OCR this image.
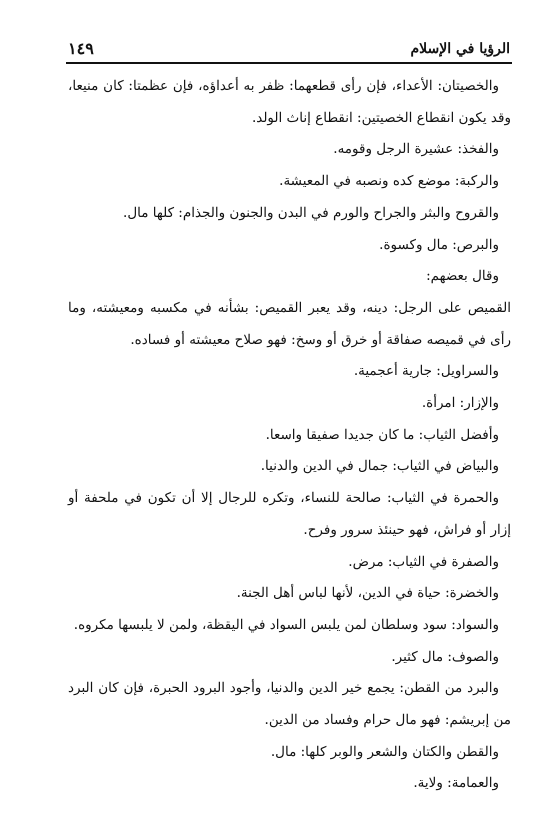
الرؤيا في الإسلام
١٤٩

والخصيتان: الأعداء، فإن رأى قطعهما: ظفر به أعداؤه، فإن عظمتا: كان منيعا، وقد يكون انقطاع الخصيتين: انقطاع إناث الولد.

والفخذ: عشيرة الرجل وقومه.

والركبة: موضع كده ونصبه في المعيشة.

والقروح والبثر والجراح والورم في البدن والجنون والجذام: كلها مال.

والبرص: مال وكسوة.

وقال بعضهم:

القميص على الرجل: دينه، وقد يعبر القميص: بشأنه في مكسبه ومعيشته، وما رأى في قميصه صفاقة أو خرق أو وسخ: فهو صلاح معيشته أو فساده.

والسراويل: جارية أعجمية.

والإزار: امرأة.

وأفضل الثياب: ما كان جديدا صفيقا واسعا.

والبياض في الثياب: جمال في الدين والدنيا.

والحمرة في الثياب: صالحة للنساء، وتكره للرجال إلا أن تكون في ملحفة أو إزار أو فراش، فهو حينئذ سرور وفرح.

والصفرة في الثياب: مرض.

والخضرة: حياة في الدين، لأنها لباس أهل الجنة.

والسواد: سود وسلطان لمن يلبس السواد في اليقظة، ولمن لا يلبسها مكروه.

والصوف: مال كثير.

والبرد من القطن: يجمع خير الدين والدنيا، وأجود البرود الحبرة، فإن كان البرد من إبريشم: فهو مال حرام وفساد من الدين.

والقطن والكتان والشعر والوبر كلها: مال.

والعمامة: ولاية.
